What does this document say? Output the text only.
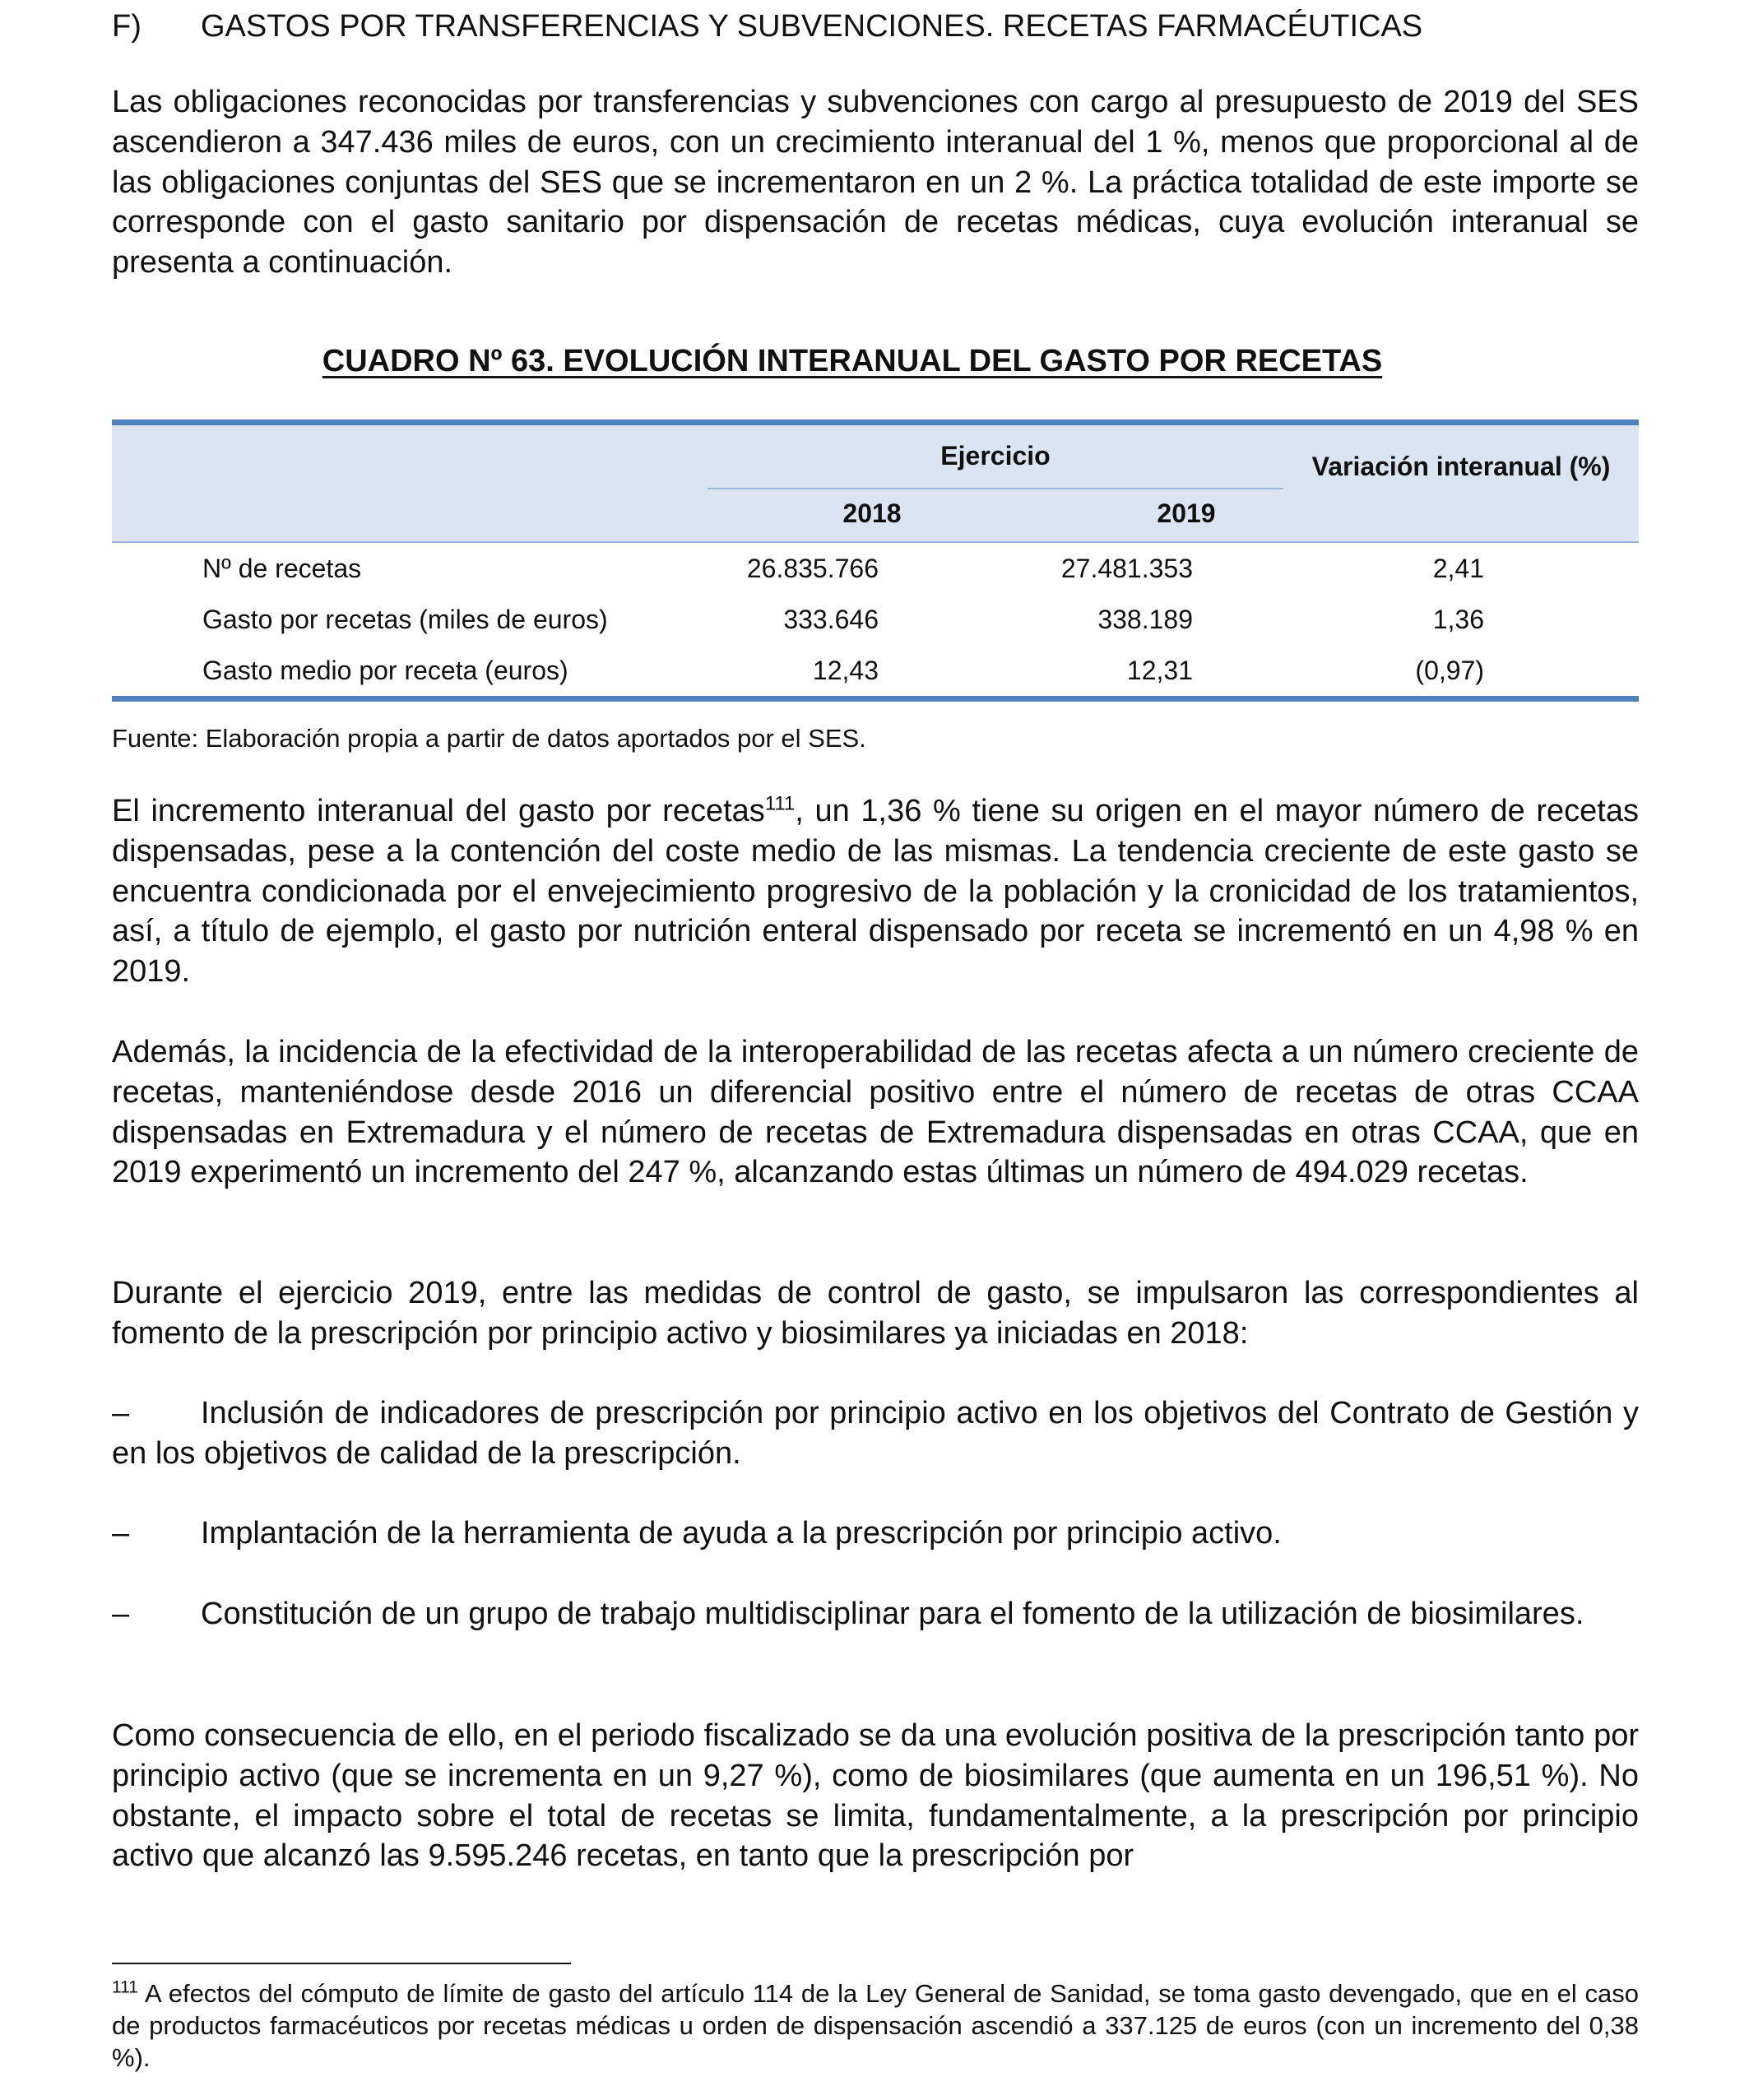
F) GASTOS POR TRANSFERENCIAS Y SUBVENCIONES. RECETAS FARMACÉUTICAS

Las obligaciones reconocidas por transferencias y subvenciones con cargo al presupuesto de 2019 del SES ascendieron a 347.436 miles de euros, con un crecimiento interanual del 1 %, menos que proporcional al de las obligaciones conjuntas del SES que se incrementaron en un 2 %. La práctica totalidad de este importe se corresponde con el gasto sanitario por dispensación de recetas médicas, cuya evolución interanual se presenta a continuación.

CUADRO Nº 63. EVOLUCIÓN INTERANUAL DEL GASTO POR RECETAS
Ejercicio
2018	2019
Variación interanual (%)
Nº de recetas	26.835.766	27.481.353	2,41
Gasto por recetas (miles de euros)	333.646	338.189	1,36
Gasto medio por receta (euros)	12,43	12,31	(0,97)
Fuente: Elaboración propia a partir de datos aportados por el SES.

El incremento interanual del gasto por recetas$^{111}$, un 1,36 % tiene su origen en el mayor número de recetas dispensadas, pese a la contención del coste medio de las mismas. La tendencia creciente de este gasto se encuentra condicionada por el envejecimiento progresivo de la población y la cronicidad de los tratamientos, así, a título de ejemplo, el gasto por nutrición enteral dispensado por receta se incrementó en un 4,98 % en 2019.

Además, la incidencia de la efectividad de la interoperabilidad de las recetas afecta a un número creciente de recetas, manteniéndose desde 2016 un diferencial positivo entre el número de recetas de otras CCAA dispensadas en Extremadura y el número de recetas de Extremadura dispensadas en otras CCAA, que en 2019 experimentó un incremento del 247 %, alcanzando estas últimas un número de 494.029 recetas.

Durante el ejercicio 2019, entre las medidas de control de gasto, se impulsaron las correspondientes al fomento de la prescripción por principio activo y biosimilares ya iniciadas en 2018:

– Inclusión de indicadores de prescripción por principio activo en los objetivos del Contrato de Gestión y en los objetivos de calidad de la prescripción.

– Implantación de la herramienta de ayuda a la prescripción por principio activo.

– Constitución de un grupo de trabajo multidisciplinar para el fomento de la utilización de biosimilares.

Como consecuencia de ello, en el periodo fiscalizado se da una evolución positiva de la prescripción tanto por principio activo (que se incrementa en un 9,27 %), como de biosimilares (que aumenta en un 196,51 %). No obstante, el impacto sobre el total de recetas se limita, fundamentalmente, a la prescripción por principio activo que alcanzó las 9.595.246 recetas, en tanto que la prescripción por

$^{111}$ A efectos del cómputo de límite de gasto del artículo 114 de la Ley General de Sanidad, se toma gasto devengado, que en el caso de productos farmacéuticos por recetas médicas u orden de dispensación ascendió a 337.125 de euros (con un incremento del 0,38 %).
